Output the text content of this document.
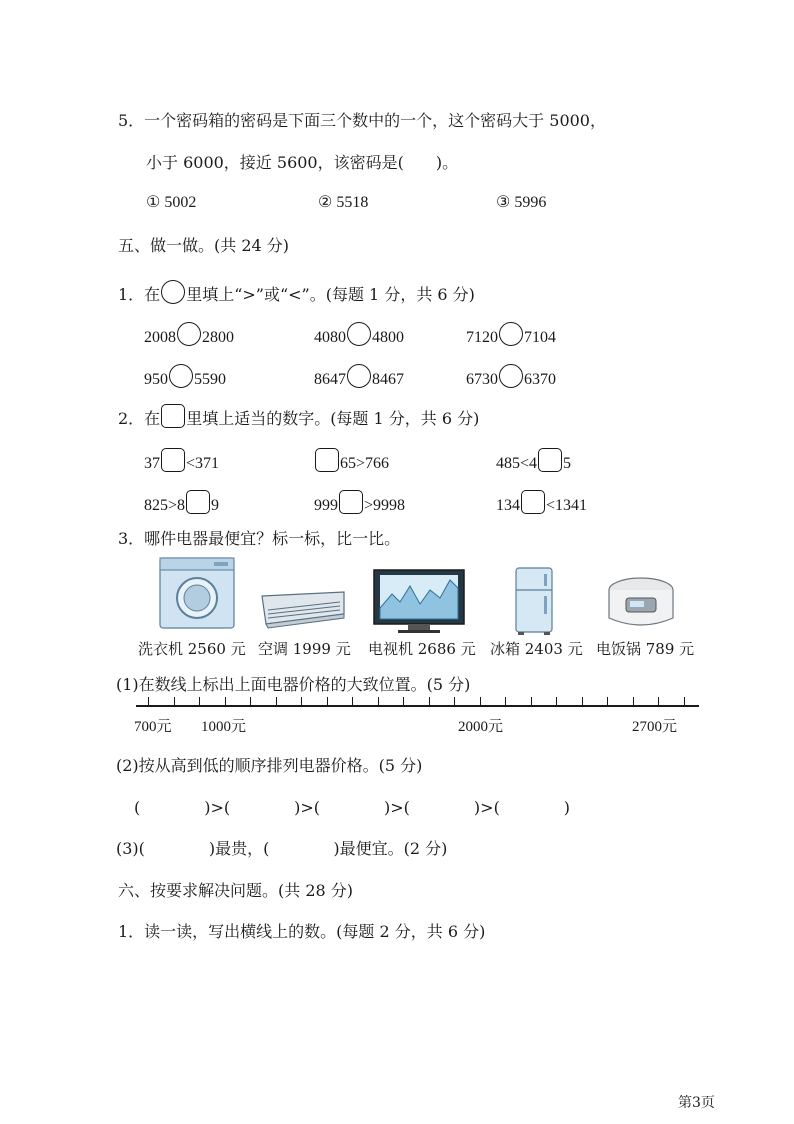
5．一个密码箱的密码是下面三个数中的一个，这个密码大于 5000，
小于 6000，接近 5600，该密码是(　　)。
① 5002	② 5518	③ 5996
五、做一做。(共 24 分)
1．在 里填上“>”或“<”。(每题 1 分，共 6 分)
2008 2800	4080 4800	7120 7104
950 5590	8647 8467	6730 6370
2．在 里填上适当的数字。(每题 1 分，共 6 分)
37 <371	65>766	485<4 5
825>8 9	999 >9998	134 <1341
3．哪件电器最便宜？标一标，比一比。
洗衣机 2560 元 空调 1999 元 电视机 2686 元 冰箱 2403 元 电饭锅 789 元
(1)在数线上标出上面电器价格的大致位置。(5 分)
700元 1000元	2000元	2700元
(2)按从高到低的顺序排列电器价格。(5 分)
(　　　　)>(　　　　)>(　　　　)>(　　　　)>(　　　　)
(3)(　　　　)最贵，(　　　　)最便宜。(2 分)
六、按要求解决问题。(共 28 分)
1．读一读，写出横线上的数。(每题 2 分，共 6 分)
第3页
